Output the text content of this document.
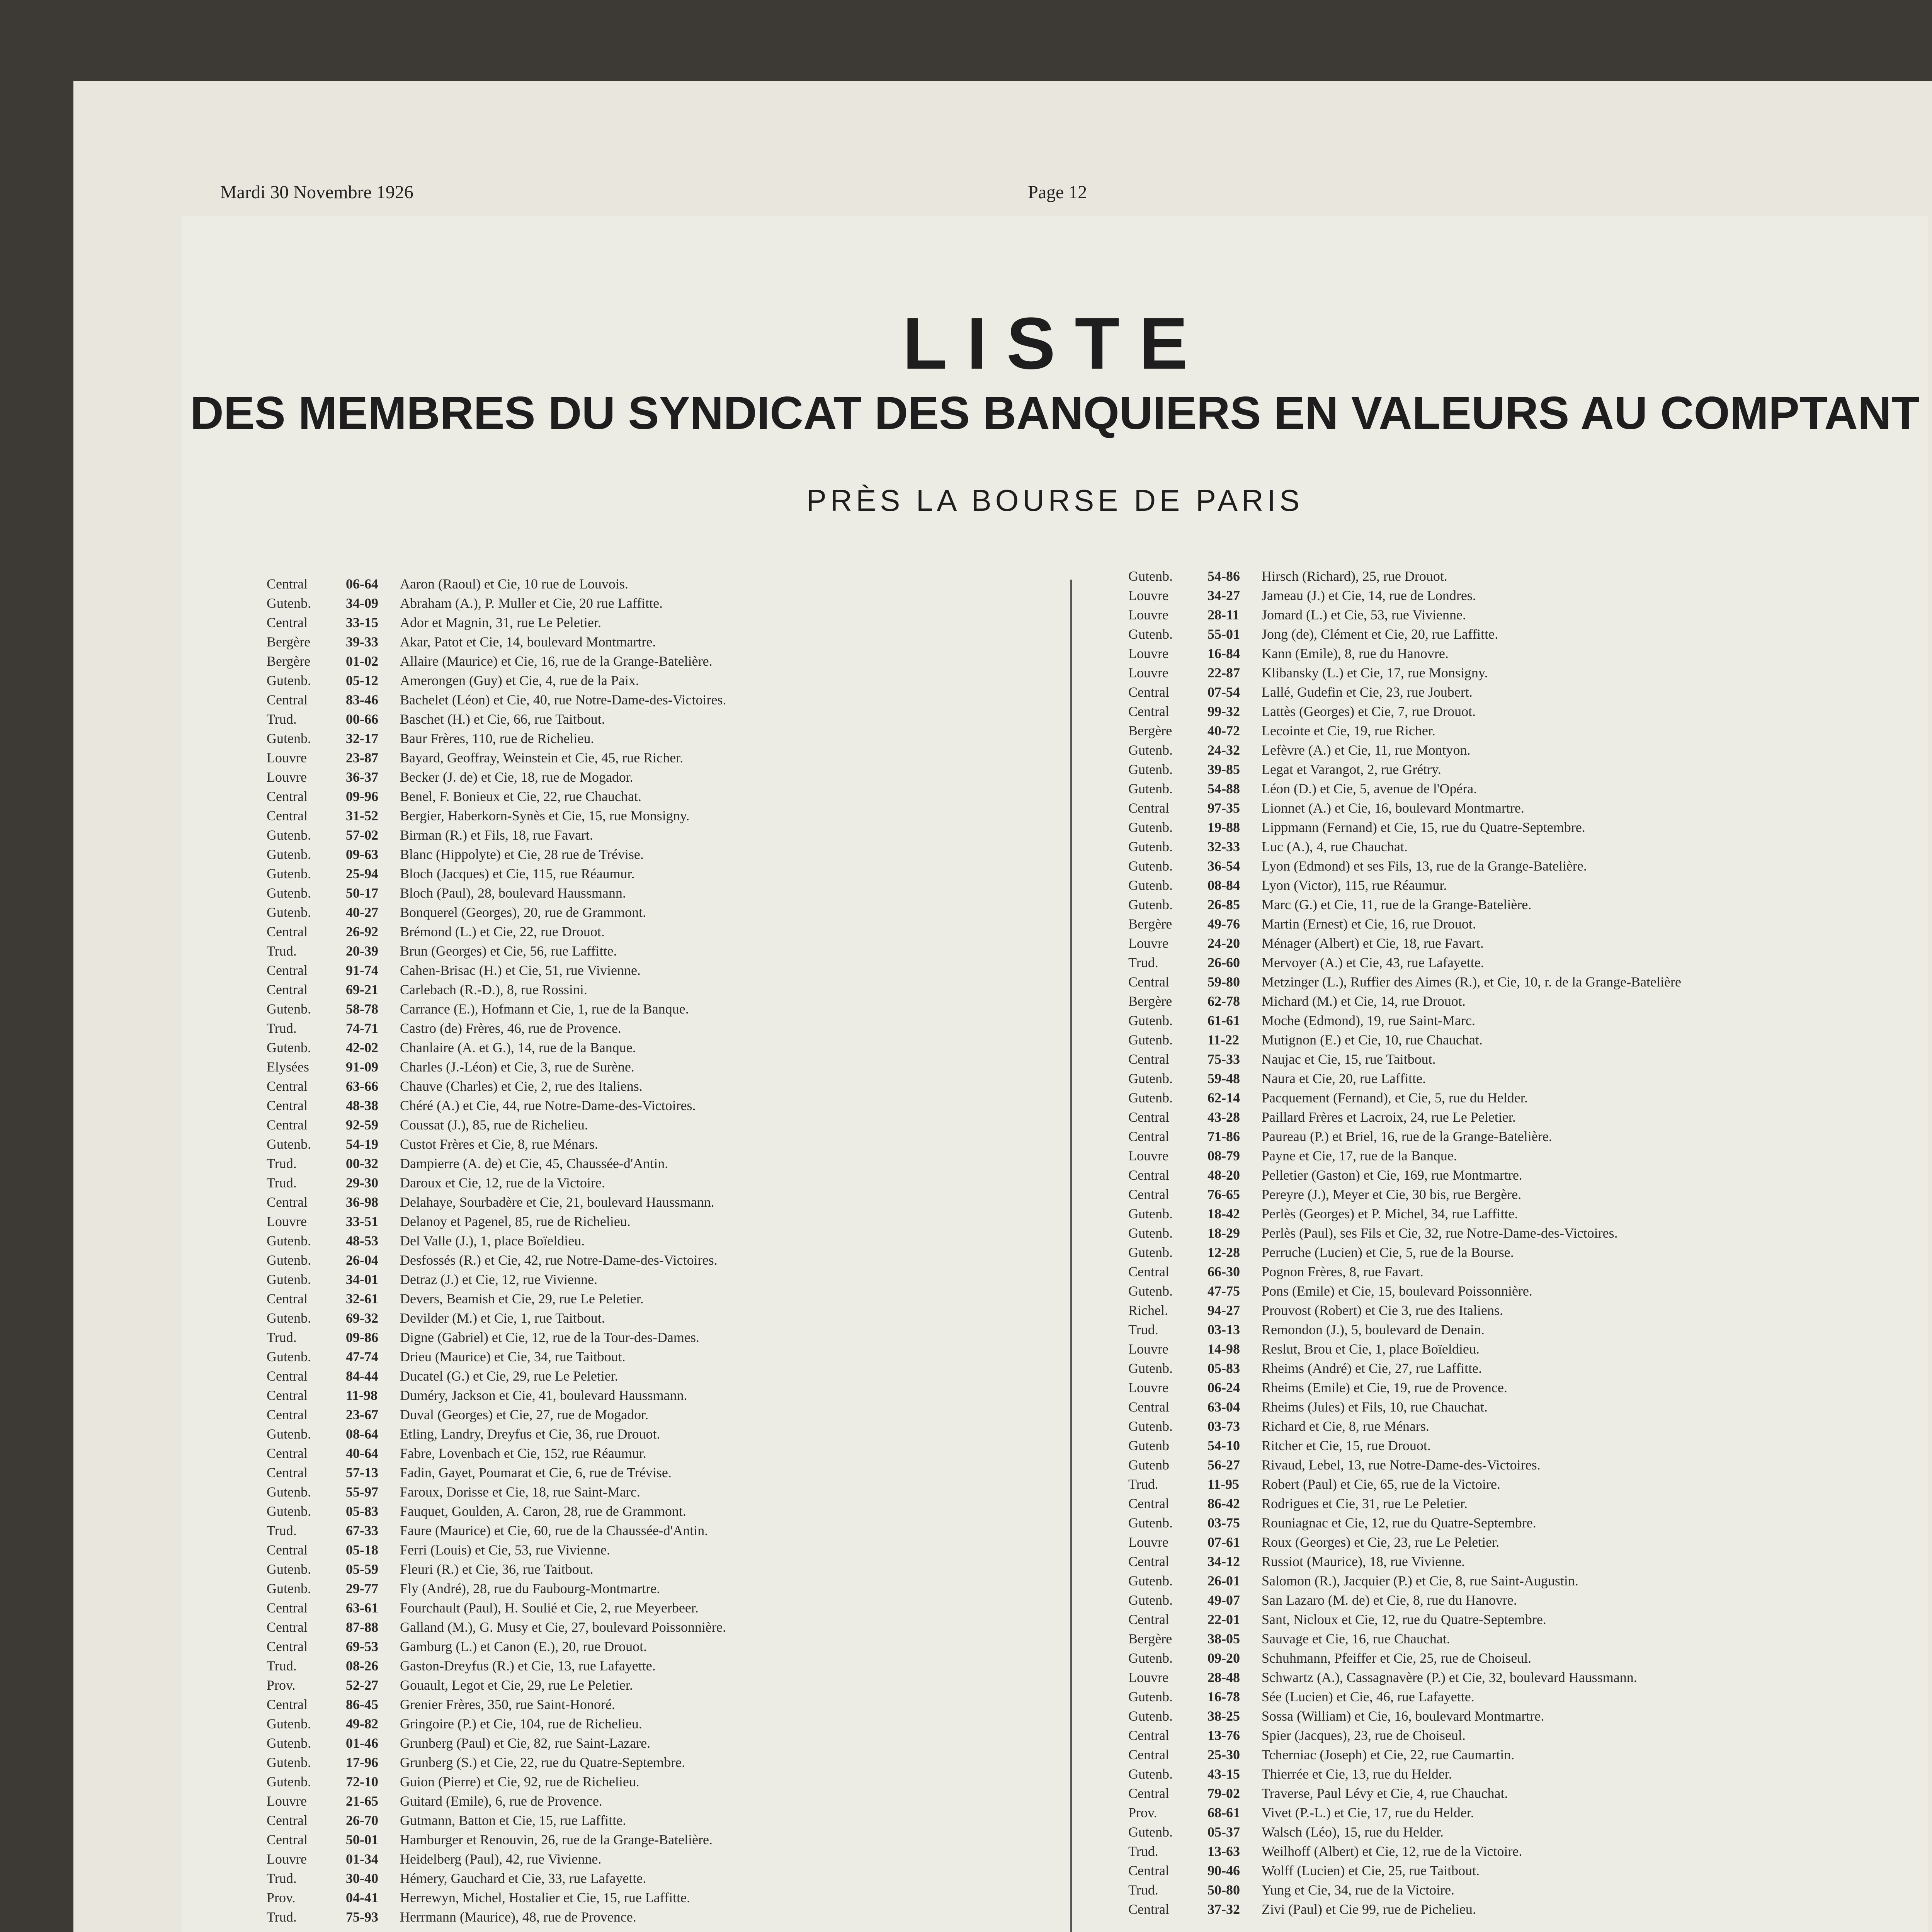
Mardi 30 Novembre 1926	Page 12
LISTE
DES MEMBRES DU SYNDICAT DES BANQUIERS EN VALEURS AU COMPTANT
PRÈS LA BOURSE DE PARIS
Central	06-64	Aaron (Raoul) et Cie, 10 rue de Louvois.
Gutenb.	34-09	Abraham (A.), P. Muller et Cie, 20 rue Laffitte.
Central	33-15	Ador et Magnin, 31, rue Le Peletier.
Bergère	39-33	Akar, Patot et Cie, 14, boulevard Montmartre.
Bergère	01-02	Allaire (Maurice) et Cie, 16, rue de la Grange-Batelière.
Gutenb.	05-12	Amerongen (Guy) et Cie, 4, rue de la Paix.
Central	83-46	Bachelet (Léon) et Cie, 40, rue Notre-Dame-des-Victoires.
Trud.	00-66	Baschet (H.) et Cie, 66, rue Taitbout.
Gutenb.	32-17	Baur Frères, 110, rue de Richelieu.
Louvre	23-87	Bayard, Geoffray, Weinstein et Cie, 45, rue Richer.
Louvre	36-37	Becker (J. de) et Cie, 18, rue de Mogador.
Central	09-96	Benel, F. Bonieux et Cie, 22, rue Chauchat.
Central	31-52	Bergier, Haberkorn-Synès et Cie, 15, rue Monsigny.
Gutenb.	57-02	Birman (R.) et Fils, 18, rue Favart.
Gutenb.	09-63	Blanc (Hippolyte) et Cie, 28 rue de Trévise.
Gutenb.	25-94	Bloch (Jacques) et Cie, 115, rue Réaumur.
Gutenb.	50-17	Bloch (Paul), 28, boulevard Haussmann.
Gutenb.	40-27	Bonquerel (Georges), 20, rue de Grammont.
Central	26-92	Brémond (L.) et Cie, 22, rue Drouot.
Trud.	20-39	Brun (Georges) et Cie, 56, rue Laffitte.
Central	91-74	Cahen-Brisac (H.) et Cie, 51, rue Vivienne.
Central	69-21	Carlebach (R.-D.), 8, rue Rossini.
Gutenb.	58-78	Carrance (E.), Hofmann et Cie, 1, rue de la Banque.
Trud.	74-71	Castro (de) Frères, 46, rue de Provence.
Gutenb.	42-02	Chanlaire (A. et G.), 14, rue de la Banque.
Elysées	91-09	Charles (J.-Léon) et Cie, 3, rue de Surène.
Central	63-66	Chauve (Charles) et Cie, 2, rue des Italiens.
Central	48-38	Chéré (A.) et Cie, 44, rue Notre-Dame-des-Victoires.
Central	92-59	Coussat (J.), 85, rue de Richelieu.
Gutenb.	54-19	Custot Frères et Cie, 8, rue Ménars.
Trud.	00-32	Dampierre (A. de) et Cie, 45, Chaussée-d'Antin.
Trud.	29-30	Daroux et Cie, 12, rue de la Victoire.
Central	36-98	Delahaye, Sourbadère et Cie, 21, boulevard Haussmann.
Louvre	33-51	Delanoy et Pagenel, 85, rue de Richelieu.
Gutenb.	48-53	Del Valle (J.), 1, place Boïeldieu.
Gutenb.	26-04	Desfossés (R.) et Cie, 42, rue Notre-Dame-des-Victoires.
Gutenb.	34-01	Detraz (J.) et Cie, 12, rue Vivienne.
Central	32-61	Devers, Beamish et Cie, 29, rue Le Peletier.
Gutenb.	69-32	Devilder (M.) et Cie, 1, rue Taitbout.
Trud.	09-86	Digne (Gabriel) et Cie, 12, rue de la Tour-des-Dames.
Gutenb.	47-74	Drieu (Maurice) et Cie, 34, rue Taitbout.
Central	84-44	Ducatel (G.) et Cie, 29, rue Le Peletier.
Central	11-98	Duméry, Jackson et Cie, 41, boulevard Haussmann.
Central	23-67	Duval (Georges) et Cie, 27, rue de Mogador.
Gutenb.	08-64	Etling, Landry, Dreyfus et Cie, 36, rue Drouot.
Central	40-64	Fabre, Lovenbach et Cie, 152, rue Réaumur.
Central	57-13	Fadin, Gayet, Poumarat et Cie, 6, rue de Trévise.
Gutenb.	55-97	Faroux, Dorisse et Cie, 18, rue Saint-Marc.
Gutenb.	05-83	Fauquet, Goulden, A. Caron, 28, rue de Grammont.
Trud.	67-33	Faure (Maurice) et Cie, 60, rue de la Chaussée-d'Antin.
Central	05-18	Ferri (Louis) et Cie, 53, rue Vivienne.
Gutenb.	05-59	Fleuri (R.) et Cie, 36, rue Taitbout.
Gutenb.	29-77	Fly (André), 28, rue du Faubourg-Montmartre.
Central	63-61	Fourchault (Paul), H. Soulié et Cie, 2, rue Meyerbeer.
Central	87-88	Galland (M.), G. Musy et Cie, 27, boulevard Poissonnière.
Central	69-53	Gamburg (L.) et Canon (E.), 20, rue Drouot.
Trud.	08-26	Gaston-Dreyfus (R.) et Cie, 13, rue Lafayette.
Prov.	52-27	Gouault, Legot et Cie, 29, rue Le Peletier.
Central	86-45	Grenier Frères, 350, rue Saint-Honoré.
Gutenb.	49-82	Gringoire (P.) et Cie, 104, rue de Richelieu.
Gutenb.	01-46	Grunberg (Paul) et Cie, 82, rue Saint-Lazare.
Gutenb.	17-96	Grunberg (S.) et Cie, 22, rue du Quatre-Septembre.
Gutenb.	72-10	Guion (Pierre) et Cie, 92, rue de Richelieu.
Louvre	21-65	Guitard (Emile), 6, rue de Provence.
Central	26-70	Gutmann, Batton et Cie, 15, rue Laffitte.
Central	50-01	Hamburger et Renouvin, 26, rue de la Grange-Batelière.
Louvre	01-34	Heidelberg (Paul), 42, rue Vivienne.
Trud.	30-40	Hémery, Gauchard et Cie, 33, rue Lafayette.
Prov.	04-41	Herrewyn, Michel, Hostalier et Cie, 15, rue Laffitte.
Trud.	75-93	Herrmann (Maurice), 48, rue de Provence.
Gutenb.	54-86	Hirsch (Richard), 25, rue Drouot.
Louvre	34-27	Jameau (J.) et Cie, 14, rue de Londres.
Louvre	28-11	Jomard (L.) et Cie, 53, rue Vivienne.
Gutenb.	55-01	Jong (de), Clément et Cie, 20, rue Laffitte.
Louvre	16-84	Kann (Emile), 8, rue du Hanovre.
Louvre	22-87	Klibansky (L.) et Cie, 17, rue Monsigny.
Central	07-54	Lallé, Gudefin et Cie, 23, rue Joubert.
Central	99-32	Lattès (Georges) et Cie, 7, rue Drouot.
Bergère	40-72	Lecointe et Cie, 19, rue Richer.
Gutenb.	24-32	Lefèvre (A.) et Cie, 11, rue Montyon.
Gutenb.	39-85	Legat et Varangot, 2, rue Grétry.
Gutenb.	54-88	Léon (D.) et Cie, 5, avenue de l'Opéra.
Central	97-35	Lionnet (A.) et Cie, 16, boulevard Montmartre.
Gutenb.	19-88	Lippmann (Fernand) et Cie, 15, rue du Quatre-Septembre.
Gutenb.	32-33	Luc (A.), 4, rue Chauchat.
Gutenb.	36-54	Lyon (Edmond) et ses Fils, 13, rue de la Grange-Batelière.
Gutenb.	08-84	Lyon (Victor), 115, rue Réaumur.
Gutenb.	26-85	Marc (G.) et Cie, 11, rue de la Grange-Batelière.
Bergère	49-76	Martin (Ernest) et Cie, 16, rue Drouot.
Louvre	24-20	Ménager (Albert) et Cie, 18, rue Favart.
Trud.	26-60	Mervoyer (A.) et Cie, 43, rue Lafayette.
Central	59-80	Metzinger (L.), Ruffier des Aimes (R.), et Cie, 10, r. de la Grange-Batelière
Bergère	62-78	Michard (M.) et Cie, 14, rue Drouot.
Gutenb.	61-61	Moche (Edmond), 19, rue Saint-Marc.
Gutenb.	11-22	Mutignon (E.) et Cie, 10, rue Chauchat.
Central	75-33	Naujac et Cie, 15, rue Taitbout.
Gutenb.	59-48	Naura et Cie, 20, rue Laffitte.
Gutenb.	62-14	Pacquement (Fernand), et Cie, 5, rue du Helder.
Central	43-28	Paillard Frères et Lacroix, 24, rue Le Peletier.
Central	71-86	Paureau (P.) et Briel, 16, rue de la Grange-Batelière.
Louvre	08-79	Payne et Cie, 17, rue de la Banque.
Central	48-20	Pelletier (Gaston) et Cie, 169, rue Montmartre.
Central	76-65	Pereyre (J.), Meyer et Cie, 30 bis, rue Bergère.
Gutenb.	18-42	Perlès (Georges) et P. Michel, 34, rue Laffitte.
Gutenb.	18-29	Perlès (Paul), ses Fils et Cie, 32, rue Notre-Dame-des-Victoires.
Gutenb.	12-28	Perruche (Lucien) et Cie, 5, rue de la Bourse.
Central	66-30	Pognon Frères, 8, rue Favart.
Gutenb.	47-75	Pons (Emile) et Cie, 15, boulevard Poissonnière.
Richel.	94-27	Prouvost (Robert) et Cie 3, rue des Italiens.
Trud.	03-13	Remondon (J.), 5, boulevard de Denain.
Louvre	14-98	Reslut, Brou et Cie, 1, place Boïeldieu.
Gutenb.	05-83	Rheims (André) et Cie, 27, rue Laffitte.
Louvre	06-24	Rheims (Emile) et Cie, 19, rue de Provence.
Central	63-04	Rheims (Jules) et Fils, 10, rue Chauchat.
Gutenb.	03-73	Richard et Cie, 8, rue Ménars.
Gutenb	54-10	Ritcher et Cie, 15, rue Drouot.
Gutenb	56-27	Rivaud, Lebel, 13, rue Notre-Dame-des-Victoires.
Trud.	11-95	Robert (Paul) et Cie, 65, rue de la Victoire.
Central	86-42	Rodrigues et Cie, 31, rue Le Peletier.
Gutenb.	03-75	Rouniagnac et Cie, 12, rue du Quatre-Septembre.
Louvre	07-61	Roux (Georges) et Cie, 23, rue Le Peletier.
Central	34-12	Russiot (Maurice), 18, rue Vivienne.
Gutenb.	26-01	Salomon (R.), Jacquier (P.) et Cie, 8, rue Saint-Augustin.
Gutenb.	49-07	San Lazaro (M. de) et Cie, 8, rue du Hanovre.
Central	22-01	Sant, Nicloux et Cie, 12, rue du Quatre-Septembre.
Bergère	38-05	Sauvage et Cie, 16, rue Chauchat.
Gutenb.	09-20	Schuhmann, Pfeiffer et Cie, 25, rue de Choiseul.
Louvre	28-48	Schwartz (A.), Cassagnavère (P.) et Cie, 32, boulevard Haussmann.
Gutenb.	16-78	Sée (Lucien) et Cie, 46, rue Lafayette.
Gutenb.	38-25	Sossa (William) et Cie, 16, boulevard Montmartre.
Central	13-76	Spier (Jacques), 23, rue de Choiseul.
Central	25-30	Tcherniac (Joseph) et Cie, 22, rue Caumartin.
Gutenb.	43-15	Thierrée et Cie, 13, rue du Helder.
Central	79-02	Traverse, Paul Lévy et Cie, 4, rue Chauchat.
Prov.	68-61	Vivet (P.-L.) et Cie, 17, rue du Helder.
Gutenb.	05-37	Walsch (Léo), 15, rue du Helder.
Trud.	13-63	Weilhoff (Albert) et Cie, 12, rue de la Victoire.
Central	90-46	Wolff (Lucien) et Cie, 25, rue Taitbout.
Trud.	50-80	Yung et Cie, 34, rue de la Victoire.
Central	37-32	Zivi (Paul) et Cie 99, rue de Pichelieu.
